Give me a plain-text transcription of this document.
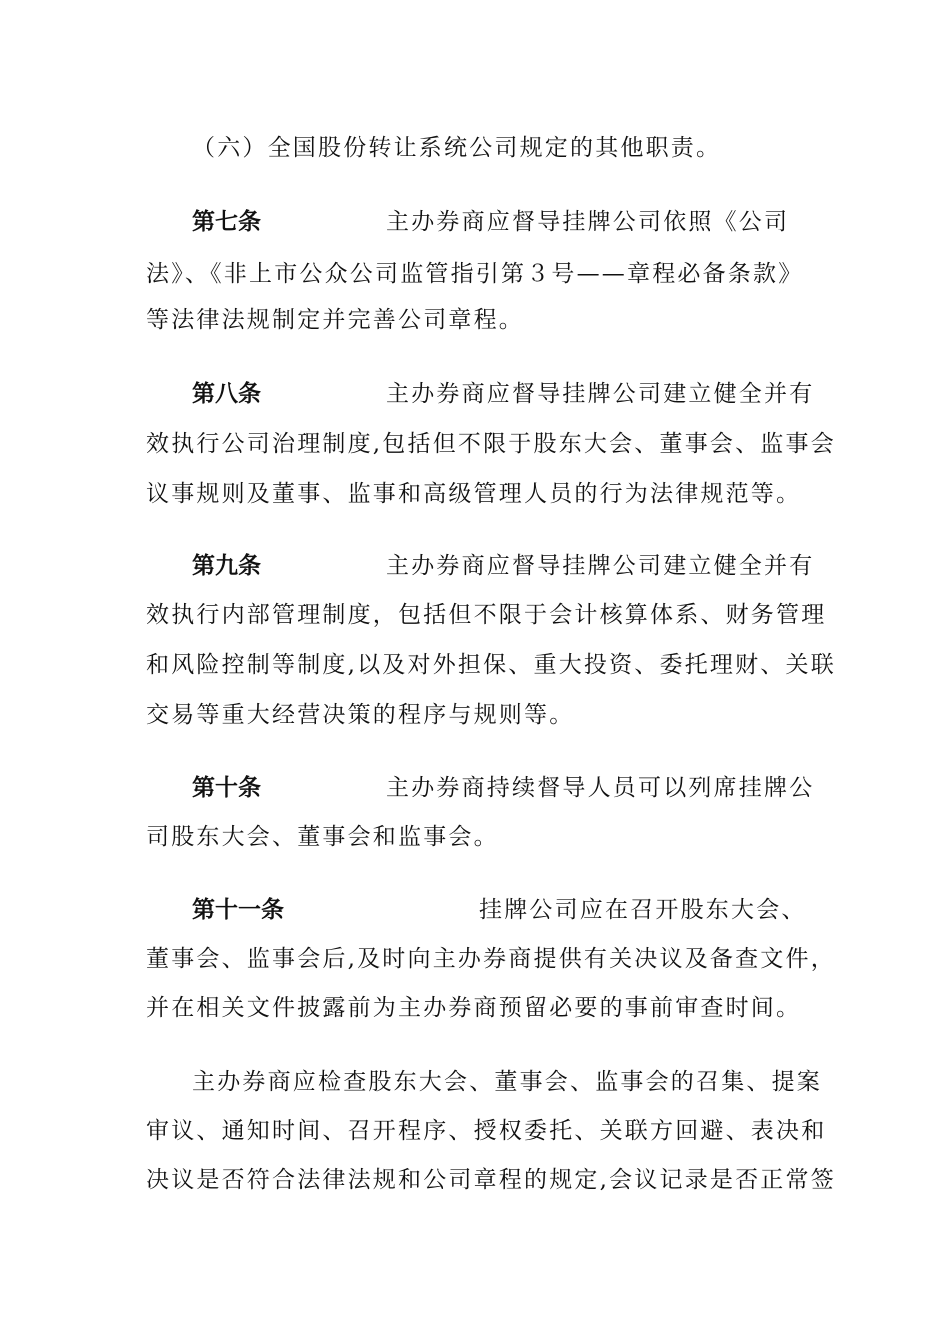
（六）全国股份转让系统公司规定的其他职责。
第七条	主办券商应督导挂牌公司依照《公司
法》、《非上市公众公司监管指引第３号——章程必备条款》
等法律法规制定并完善公司章程。
第八条	主办券商应督导挂牌公司建立健全并有
效执行公司治理制度,包括但不限于股东大会、董事会、监事会
议事规则及董事、监事和高级管理人员的行为法律规范等。
第九条	主办券商应督导挂牌公司建立健全并有
效执行内部管理制度，包括但不限于会计核算体系、财务管理
和风险控制等制度,以及对外担保、重大投资、委托理财、关联
交易等重大经营决策的程序与规则等。
第十条	主办券商持续督导人员可以列席挂牌公
司股东大会、董事会和监事会。
第十一条	挂牌公司应在召开股东大会、
董事会、监事会后,及时向主办券商提供有关决议及备查文件，
并在相关文件披露前为主办券商预留必要的事前审查时间。
主办券商应检查股东大会、董事会、监事会的召集、提案
审议、通知时间、召开程序、授权委托、关联方回避、表决和
决议是否符合法律法规和公司章程的规定,会议记录是否正常签
